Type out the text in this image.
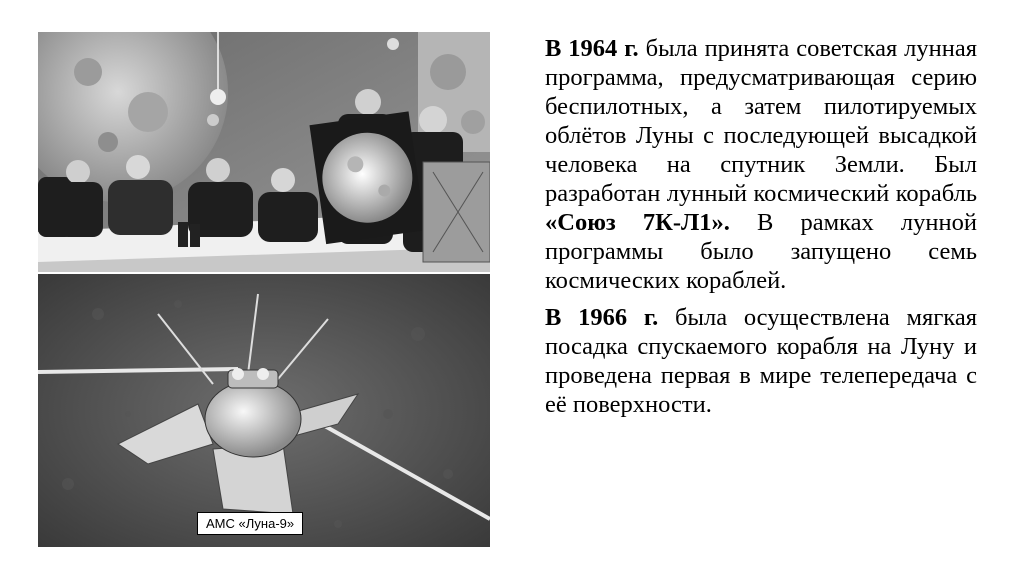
АМС «Луна-9»

В 1964 г. была принята советская лунная программа, предусматривающая серию беспилотных, а затем пилотируемых облётов Луны с последующей высадкой человека на спутник Земли. Был разработан лунный космический корабль «Союз 7К-Л1». В рамках лунной программы было запущено семь космических кораблей.

В 1966 г. была осуществлена мягкая посадка спускаемого корабля на Луну и проведена первая в мире телепередача с её поверхности.
